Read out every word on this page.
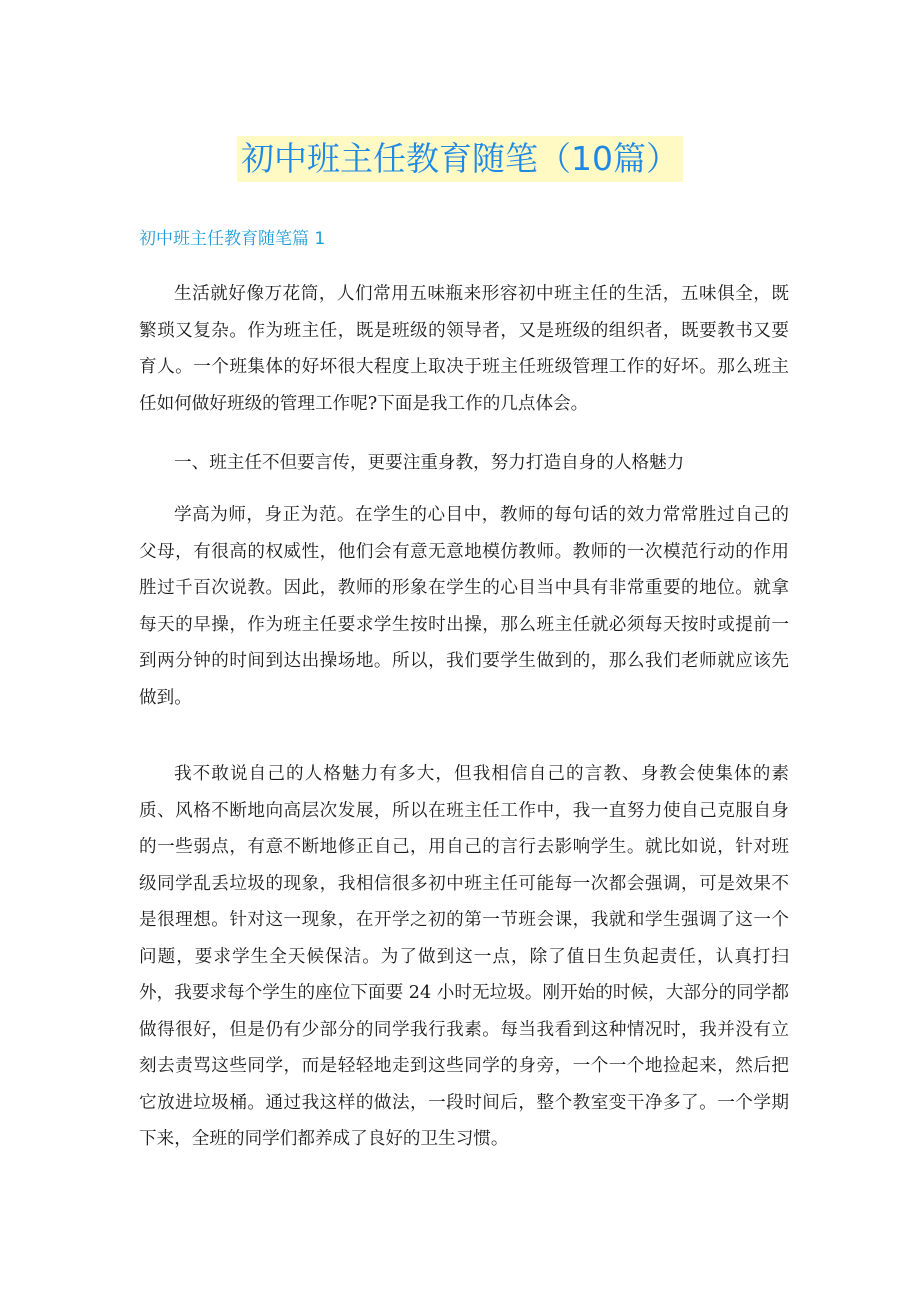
初中班主任教育随笔（10篇）
初中班主任教育随笔篇 1

生活就好像万花筒，人们常用五味瓶来形容初中班主任的生活，五味俱全，既繁琐又复杂。作为班主任，既是班级的领导者，又是班级的组织者，既要教书又要育人。一个班集体的好坏很大程度上取决于班主任班级管理工作的好坏。那么班主任如何做好班级的管理工作呢?下面是我工作的几点体会。

一、班主任不但要言传，更要注重身教，努力打造自身的人格魅力

学高为师，身正为范。在学生的心目中，教师的每句话的效力常常胜过自己的父母，有很高的权威性，他们会有意无意地模仿教师。教师的一次模范行动的作用胜过千百次说教。因此，教师的形象在学生的心目当中具有非常重要的地位。就拿每天的早操，作为班主任要求学生按时出操，那么班主任就必须每天按时或提前一到两分钟的时间到达出操场地。所以，我们要学生做到的，那么我们老师就应该先做到。

我不敢说自己的人格魅力有多大，但我相信自己的言教、身教会使集体的素质、风格不断地向高层次发展，所以在班主任工作中，我一直努力使自己克服自身的一些弱点，有意不断地修正自己，用自己的言行去影响学生。就比如说，针对班级同学乱丢垃圾的现象，我相信很多初中班主任可能每一次都会强调，可是效果不是很理想。针对这一现象，在开学之初的第一节班会课，我就和学生强调了这一个问题，要求学生全天候保洁。为了做到这一点，除了值日生负起责任，认真打扫外，我要求每个学生的座位下面要 24 小时无垃圾。刚开始的时候，大部分的同学都做得很好，但是仍有少部分的同学我行我素。每当我看到这种情况时，我并没有立刻去责骂这些同学，而是轻轻地走到这些同学的身旁，一个一个地捡起来，然后把它放进垃圾桶。通过我这样的做法，一段时间后，整个教室变干净多了。一个学期下来，全班的同学们都养成了良好的卫生习惯。
